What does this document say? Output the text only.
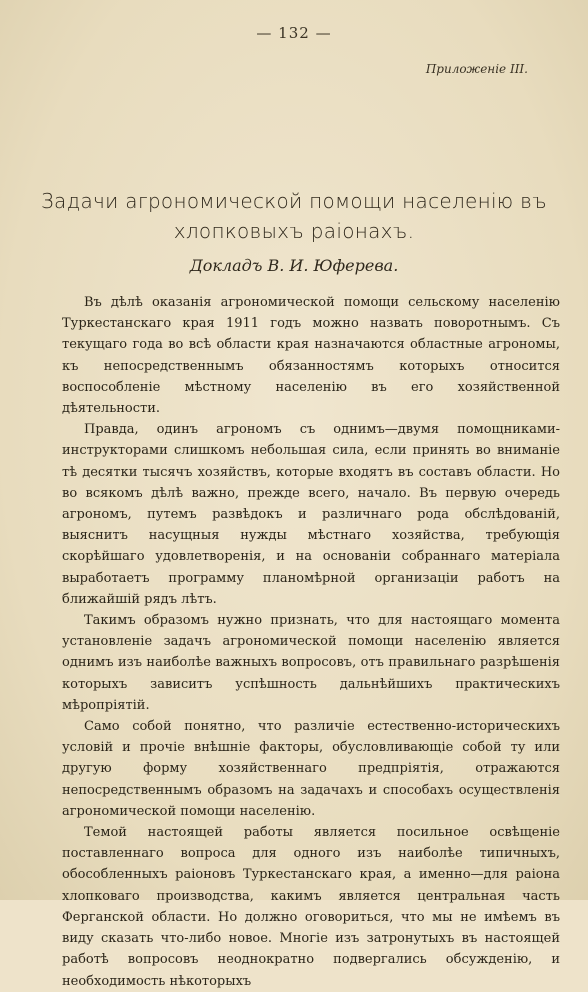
— 132 —
Приложеніе III.
Задачи агрономической помощи населенію въ хлопковыхъ раіонахъ.
Докладъ В. И. Юферева.

Въ дѣлѣ оказанія агрономической помощи сельскому населенію Туркестанскаго края 1911 годъ можно назвать поворотнымъ. Съ текущаго года во всѣ области края назначаются областные агрономы, къ непосредственнымъ обязанностямъ которыхъ относится воспособленіе мѣстному населенію въ его хозяйственной дѣятельности.

Правда, одинъ агрономъ съ однимъ—двумя помощниками-инструкторами слишкомъ небольшая сила, если принять во вниманіе тѣ десятки тысячъ хозяйствъ, которые входятъ въ составъ области. Но во всякомъ дѣлѣ важно, прежде всего, начало. Въ первую очередь агрономъ, путемъ развѣдокъ и различнаго рода обслѣдованій, выяснитъ насущныя нужды мѣстнаго хозяйства, требующія скорѣйшаго удовлетворенія, и на основаніи собраннаго матеріала выработаетъ программу планомѣрной организаціи работъ на ближайшій рядъ лѣтъ.

Такимъ образомъ нужно признать, что для настоящаго момента установленіе задачъ агрономической помощи населенію является однимъ изъ наиболѣе важныхъ вопросовъ, отъ правильнаго разрѣшенія которыхъ зависитъ успѣшность дальнѣйшихъ практическихъ мѣропріятій.

Само собой понятно, что различіе естественно-историческихъ условій и прочіе внѣшніе факторы, обусловливающіе собой ту или другую форму хозяйственнаго предпріятія, отражаются непосредственнымъ образомъ на задачахъ и способахъ осуществленія агрономической помощи населенію.

Темой настоящей работы является посильное освѣщеніе поставленнаго вопроса для одного изъ наиболѣе типичныхъ, обособленныхъ раіоновъ Туркестанскаго края, а именно—для раіона хлопковаго производства, какимъ является центральная часть Ферганской области. Но должно оговориться, что мы не имѣемъ въ виду сказать что-либо новое. Многіе изъ затронутыхъ въ настоящей работѣ вопросовъ неоднократно подвергались обсужденію, и необходимость нѣкоторыхъ
